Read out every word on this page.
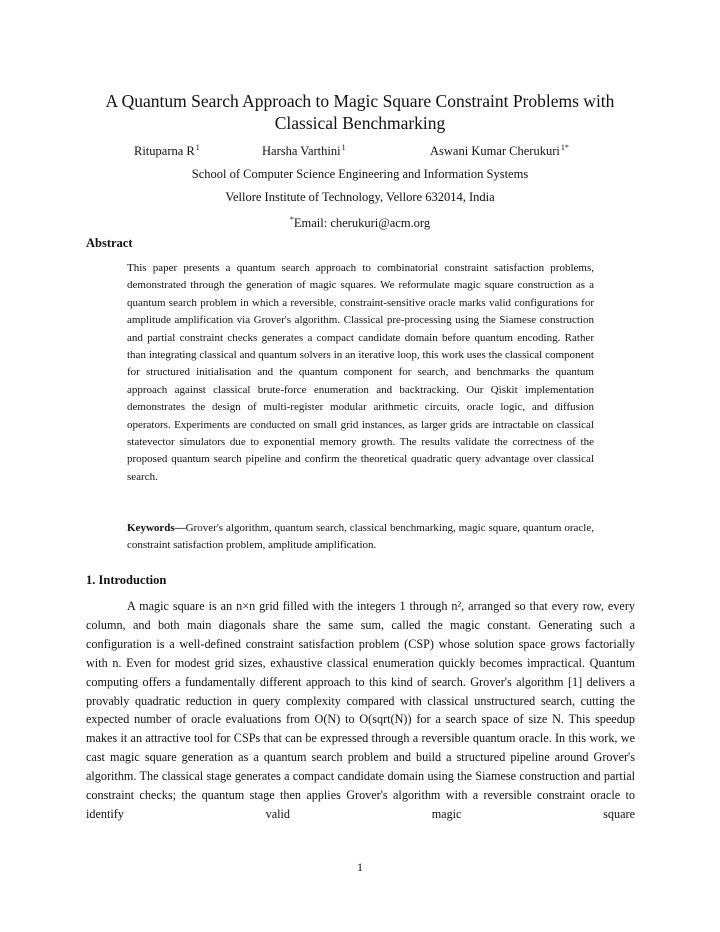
A Quantum Search Approach to Magic Square Constraint Problems with Classical Benchmarking
Rituparna $R^1$	Harsha Varthini$^1$	Aswani Kumar Cherukuri$^{1*}$
School of Computer Science Engineering and Information Systems
Vellore Institute of Technology, Vellore 632014, India
*Email: cherukuri@acm.org
Abstract

This paper presents a quantum search approach to combinatorial constraint satisfaction problems, demonstrated through the generation of magic squares. We reformulate magic square construction as a quantum search problem in which a reversible, constraint-sensitive oracle marks valid configurations for amplitude amplification via Grover's algorithm. Classical pre-processing using the Siamese construction and partial constraint checks generates a compact candidate domain before quantum encoding. Rather than integrating classical and quantum solvers in an iterative loop, this work uses the classical component for structured initialisation and the quantum component for search, and benchmarks the quantum approach against classical brute-force enumeration and backtracking. Our Qiskit implementation demonstrates the design of multi-register modular arithmetic circuits, oracle logic, and diffusion operators. Experiments are conducted on small grid instances, as larger grids are intractable on classical statevector simulators due to exponential memory growth. The results validate the correctness of the proposed quantum search pipeline and confirm the theoretical quadratic query advantage over classical search.

Keywords—Grover's algorithm, quantum search, classical benchmarking, magic square, quantum oracle, constraint satisfaction problem, amplitude amplification.
1. Introduction

A magic square is an n×n grid filled with the integers 1 through n², arranged so that every row, every column, and both main diagonals share the same sum, called the magic constant. Generating such a configuration is a well-defined constraint satisfaction problem (CSP) whose solution space grows factorially with n. Even for modest grid sizes, exhaustive classical enumeration quickly becomes impractical. Quantum computing offers a fundamentally different approach to this kind of search. Grover's algorithm [1] delivers a provably quadratic reduction in query complexity compared with classical unstructured search, cutting the expected number of oracle evaluations from O(N) to O(sqrt(N)) for a search space of size N. This speedup makes it an attractive tool for CSPs that can be expressed through a reversible quantum oracle. In this work, we cast magic square generation as a quantum search problem and build a structured pipeline around Grover's algorithm. The classical stage generates a compact candidate domain using the Siamese construction and partial constraint checks; the quantum stage then applies Grover's algorithm with a reversible constraint oracle to identify valid magic square

1
